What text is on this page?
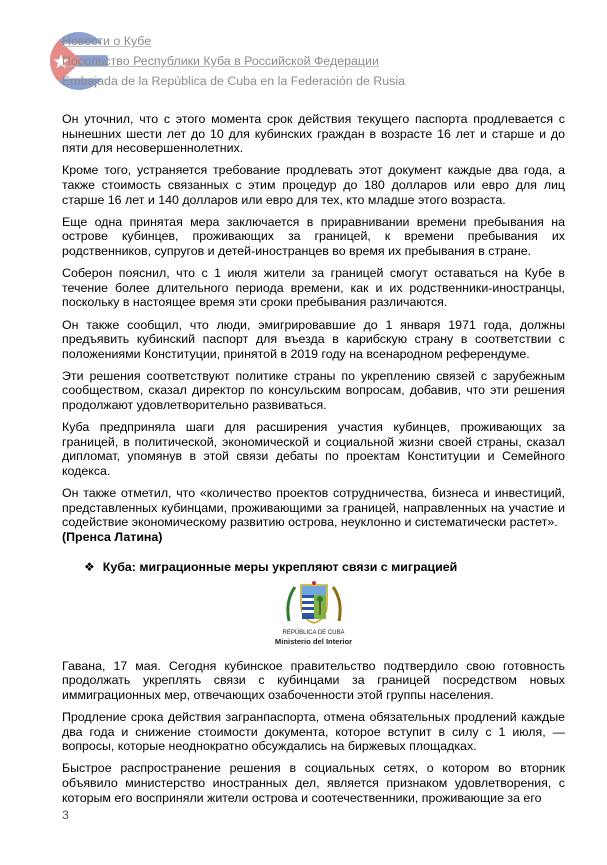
Новости о Кубе
Посольство Республики Куба в Российской Федерации
Embajada de la República de Cuba en la Federación de Rusia

Он уточнил, что с этого момента срок действия текущего паспорта продлевается с нынешних шести лет до 10 для кубинских граждан в возрасте 16 лет и старше и до пяти для несовершеннолетних.

Кроме того, устраняется требование продлевать этот документ каждые два года, а также стоимость связанных с этим процедур до 180 долларов или евро для лиц старше 16 лет и 140 долларов или евро для тех, кто младше этого возраста.

Еще одна принятая мера заключается в приравнивании времени пребывания на острове кубинцев, проживающих за границей, к времени пребывания их родственников, супругов и детей-иностранцев во время их пребывания в стране.

Соберон пояснил, что с 1 июля жители за границей смогут оставаться на Кубе в течение более длительного периода времени, как и их родственники-иностранцы, поскольку в настоящее время эти сроки пребывания различаются.

Он также сообщил, что люди, эмигрировавшие до 1 января 1971 года, должны предъявить кубинский паспорт для въезда в карибскую страну в соответствии с положениями Конституции, принятой в 2019 году на всенародном референдуме.

Эти решения соответствуют политике страны по укреплению связей с зарубежным сообществом, сказал директор по консульским вопросам, добавив, что эти решения продолжают удовлетворительно развиваться.

Куба предприняла шаги для расширения участия кубинцев, проживающих за границей, в политической, экономической и социальной жизни своей страны, сказал дипломат, упомянув в этой связи дебаты по проектам Конституции и Семейного кодекса.

Он также отметил, что «количество проектов сотрудничества, бизнеса и инвестиций, представленных кубинцами, проживающими за границей, направленных на участие и содействие экономическому развитию острова, неуклонно и систематически растет».

(Пренса Латина)
❖ Куба: миграционные меры укрепляют связи с миграцией
REPÚBLICA DE CUBA
Ministerio del Interior

Гавана, 17 мая. Сегодня кубинское правительство подтвердило свою готовность продолжать укреплять связи с кубинцами за границей посредством новых иммиграционных мер, отвечающих озабоченности этой группы населения.

Продление срока действия загранпаспорта, отмена обязательных продлений каждые два года и снижение стоимости документа, которое вступит в силу с 1 июля, — вопросы, которые неоднократно обсуждались на биржевых площадках.

Быстрое распространение решения в социальных сетях, о котором во вторник объявило министерство иностранных дел, является признаком удовлетворения, с которым его восприняли жители острова и соотечественники, проживающие за его

3
